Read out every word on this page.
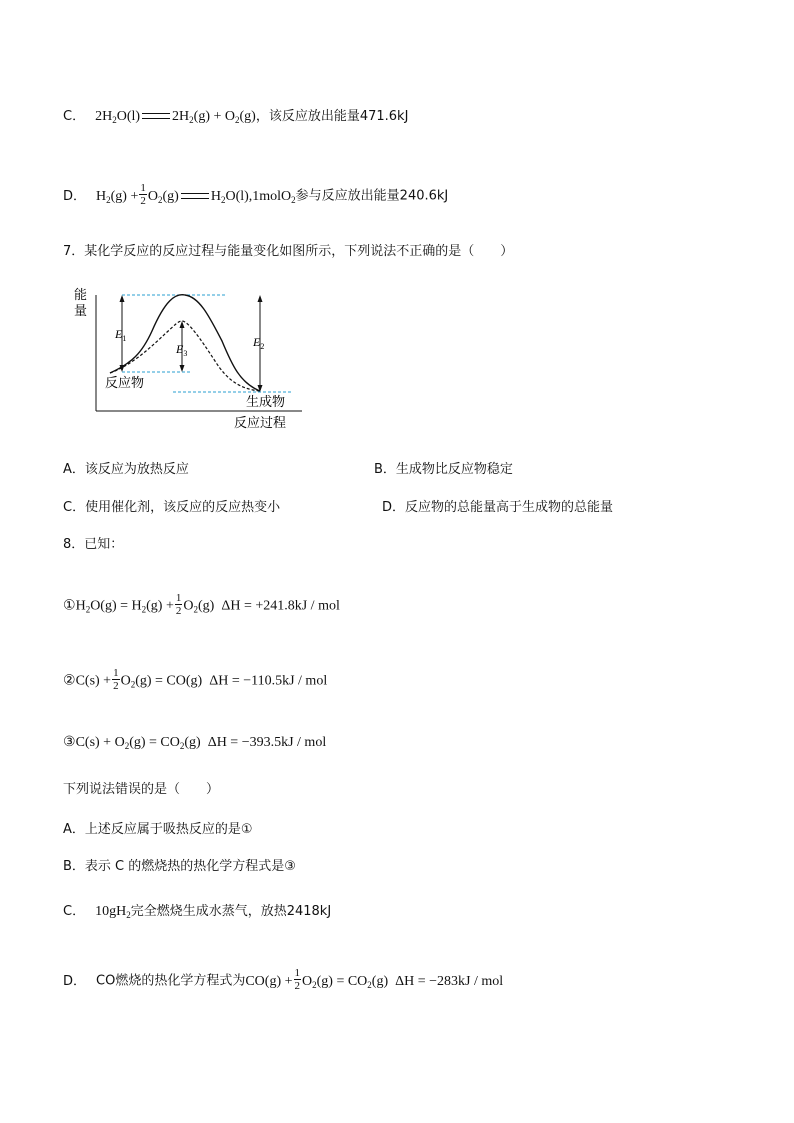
C． $2H_2O(l) 2H_2(g) + O_2(g)$，该反应放出能量471.6kJ
D． $H_2(g) + \frac{1}{2} O_2(g)$ $H_2O(l),1molO_2$参与反应放出能量240.6kJ
7．某化学反应的反应过程与能量变化如图所示，下列说法不正确的是（　　）
能
量
反应过程
反应物
生成物
$E_1$
$E_3$
$E_2$
A．该反应为放热反应	B．生成物比反应物稳定
C．使用催化剂，该反应的反应热变小	D．反应物的总能量高于生成物的总能量
8．已知：
$①H_2O(g) = H_2(g) + \frac{1}{2} O_2(g) \Delta H = +241.8kJ$ / mol
②C(s) + $\frac{1}{2} O_2(g) = CO(g) \Delta H = -110.5kJ$ / mol
③C(s) + $O_2(g) = CO_2(g) \Delta H = -393.5kJ$ / mol
下列说法错误的是（　　）
A．上述反应属于吸热反应的是①
B．表示 C 的燃烧热的热化学方程式是③
C． $10gH_2$完全燃烧生成水蒸气，放热2418kJ
D． CO燃烧的热化学方程式为$CO(g) + \frac{1}{2} O_2(g) = CO_2(g) \Delta H = -283kJ$ / mol
